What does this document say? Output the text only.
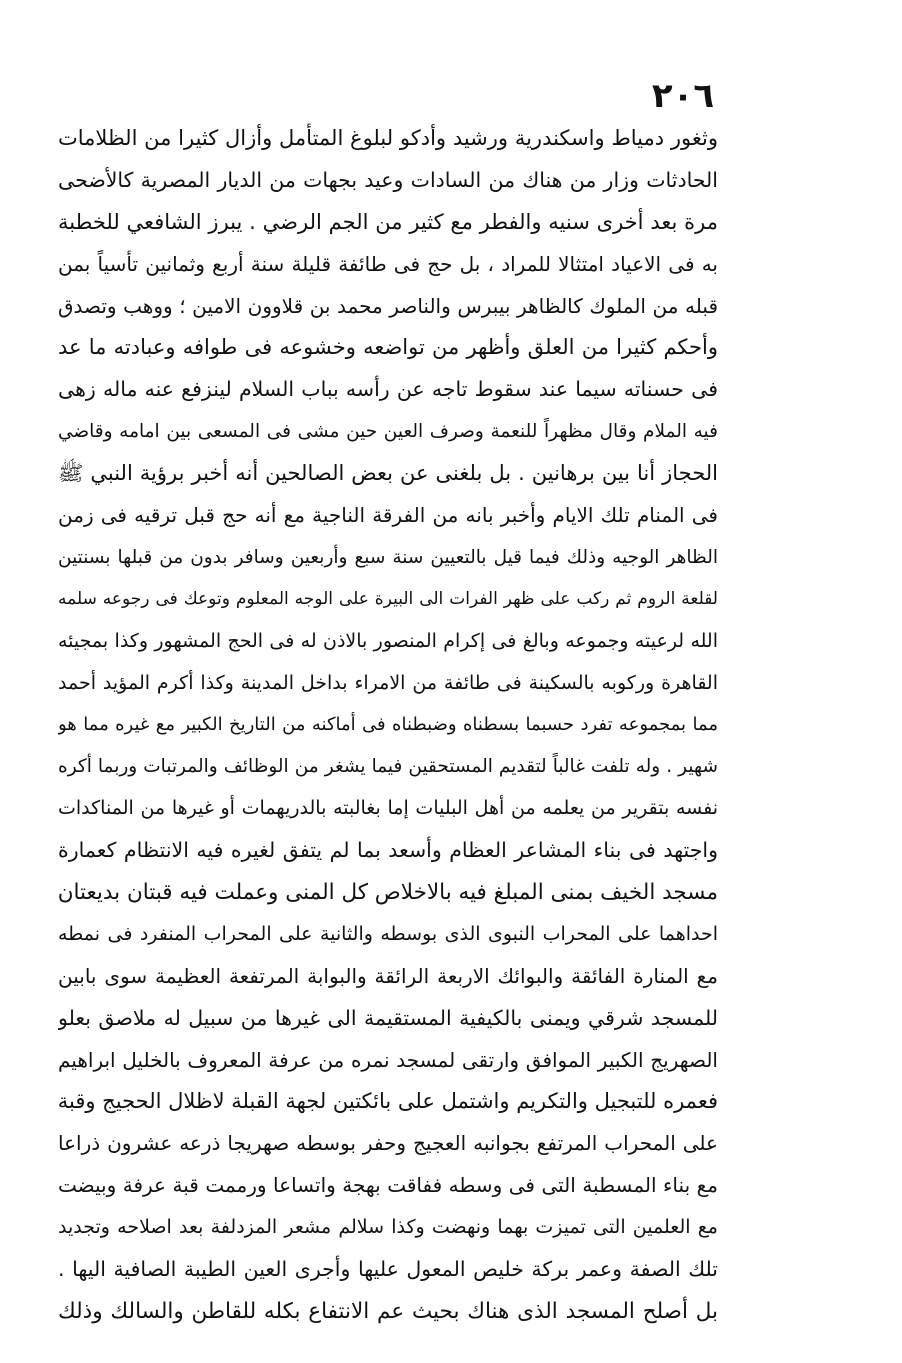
٢٠٦
وثغور دمياط واسكندرية ورشيد وأدكو لبلوغ المتأمل وأزال كثيرا من الظلامات
الحادثات وزار من هناك من السادات وعيد بجهات من الديار المصرية كالأضحى
مرة بعد أخرى سنيه والفطر مع كثير من الجم الرضي . يبرز الشافعي للخطبة
به فى الاعياد امتثالا للمراد ، بل حج فى طائفة قليلة سنة أربع وثمانين تأسياً بمن
قبله من الملوك كالظاهر بيبرس والناصر محمد بن قلاوون الامين ؛ ووهب وتصدق
وأحكم كثيرا من العلق وأظهر من تواضعه وخشوعه فى طوافه وعبادته ما عد
فى حسناته سيما عند سقوط تاجه عن رأسه بباب السلام لينزفع عنه ماله زهى
فيه الملام وقال مظهراً للنعمة وصرف العين حين مشى فى المسعى بين امامه وقاضي
الحجاز أنا بين برهانين . بل بلغنى عن بعض الصالحين أنه أخبر برؤية النبي ﷺ
فى المنام تلك الايام وأخبر بانه من الفرقة الناجية مع أنه حج قبل ترقيه فى زمن
الظاهر الوجيه وذلك فيما قيل بالتعيين سنة سبع وأربعين وسافر بدون من قبلها بسنتين
لقلعة الروم ثم ركب على ظهر الفرات الى البيرة على الوجه المعلوم وتوعك فى رجوعه سلمه
الله لرعيته وجموعه وبالغ فى إكرام المنصور بالاذن له فى الحج المشهور وكذا بمجيئه
القاهرة وركوبه بالسكينة فى طائفة من الامراء بداخل المدينة وكذا أكرم المؤيد أحمد
مما بمجموعه تفرد حسبما بسطناه وضبطناه فى أماكنه من التاريخ الكبير مع غيره مما هو
شهير . وله تلفت غالباً لتقديم المستحقين فيما يشغر من الوظائف والمرتبات وربما أكره
نفسه بتقرير من يعلمه من أهل البليات إما بغالبته بالدريهمات أو غيرها من المناكدات
واجتهد فى بناء المشاعر العظام وأسعد بما لم يتفق لغيره فيه الانتظام كعمارة
مسجد الخيف بمنى المبلغ فيه بالاخلاص كل المنى وعملت فيه قبتان بديعتان
احداهما على المحراب النبوى الذى بوسطه والثانية على المحراب المنفرد فى نمطه
مع المنارة الفائقة والبوائك الاربعة الرائقة والبوابة المرتفعة العظيمة سوى بابين
للمسجد شرقي ويمنى بالكيفية المستقيمة الى غيرها من سبيل له ملاصق بعلو
الصهريج الكبير الموافق وارتقى لمسجد نمره من عرفة المعروف بالخليل ابراهيم
فعمره للتبجيل والتكريم واشتمل على بائكتين لجهة القبلة لاظلال الحجيج وقبة
على المحراب المرتفع بجوانبه العجيج وحفر بوسطه صهريجا ذرعه عشرون ذراعا
مع بناء المسطبة التى فى وسطه ففاقت بهجة واتساعا ورممت قبة عرفة وبيضت
مع العلمين التى تميزت بهما ونهضت وكذا سلالم مشعر المزدلفة بعد اصلاحه وتجديد
تلك الصفة وعمر بركة خليص المعول عليها وأجرى العين الطيبة الصافية اليها .
بل أصلح المسجد الذى هناك بحيث عم الانتفاع بكله للقاطن والسالك وذلك
